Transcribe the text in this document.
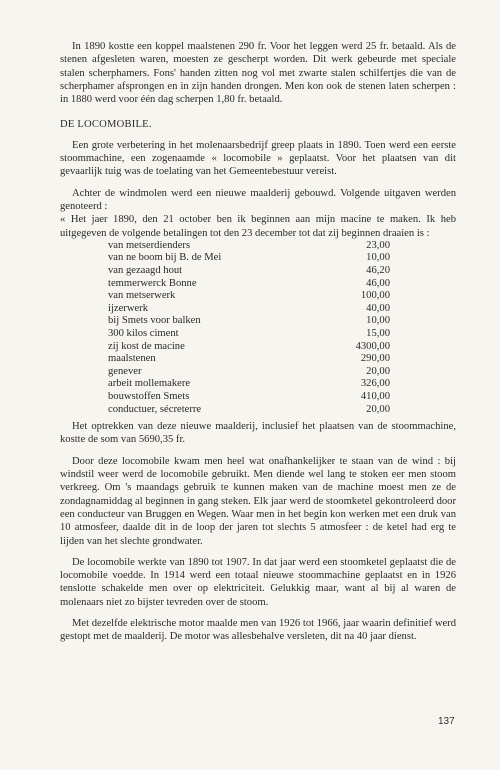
In 1890 kostte een koppel maalstenen 290 fr. Voor het leggen werd 25 fr. betaald. Als de stenen afgesleten waren, moesten ze gescherpt worden. Dit werk gebeurde met speciale stalen scherphamers. Fons' handen zitten nog vol met zwarte stalen schilfertjes die van de scherphamer afsprongen en in zijn handen drongen. Men kon ook de stenen laten scherpen : in 1880 werd voor één dag scherpen 1,80 fr. betaald.

DE LOCOMOBILE.

Een grote verbetering in het molenaarsbedrijf greep plaats in 1890. Toen werd een eerste stoommachine, een zogenaamde « locomobile » geplaatst. Voor het plaatsen van dit gevaarlijk tuig was de toelating van het Gemeentebestuur vereist.

Achter de windmolen werd een nieuwe maalderij gebouwd. Volgende uitgaven werden genoteerd :

« Het jaer 1890, den 21 october ben ik beginnen aan mijn macine te maken. Ik heb uitgegeven de volgende betalingen tot den 23 december tot dat zij beginnen draaien is :

van metserdienders	23,00
van ne boom bij B. de Mei	10,00
van gezaagd hout	46,20
temmerwerck Bonne	46,00
van metserwerk	100,00
ijzerwerk	40,00
bij Smets voor balken	10,00
300 kilos ciment	15,00
zij kost de macine	4300,00
maalstenen	290,00
genever	20,00
arbeit mollemakere	326,00
bouwstoffen Smets	410,00
conductuer, sécreterre	20,00

Het optrekken van deze nieuwe maalderij, inclusief het plaatsen van de stoommachine, kostte de som van 5690,35 fr.

Door deze locomobile kwam men heel wat onafhankelijker te staan van de wind : bij windstil weer werd de locomobile gebruikt. Men diende wel lang te stoken eer men stoom verkreeg. Om 's maandags gebruik te kunnen maken van de machine moest men ze de zondagnamiddag al beginnen in gang steken. Elk jaar werd de stoomketel gekontroleerd door een conducteur van Bruggen en Wegen. Waar men in het begin kon werken met een druk van 10 atmosfeer, daalde dit in de loop der jaren tot slechts 5 atmosfeer : de ketel had erg te lijden van het slechte grondwater.

De locomobile werkte van 1890 tot 1907. In dat jaar werd een stoomketel geplaatst die de locomobile voedde. In 1914 werd een totaal nieuwe stoommachine geplaatst en in 1926 tenslotte schakelde men over op elektriciteit. Gelukkig maar, want al bij al waren de molenaars niet zo bijster tevreden over de stoom.

Met dezelfde elektrische motor maalde men van 1926 tot 1966, jaar waarin definitief werd gestopt met de maalderij. De motor was allesbehalve versleten, dit na 40 jaar dienst.

137
